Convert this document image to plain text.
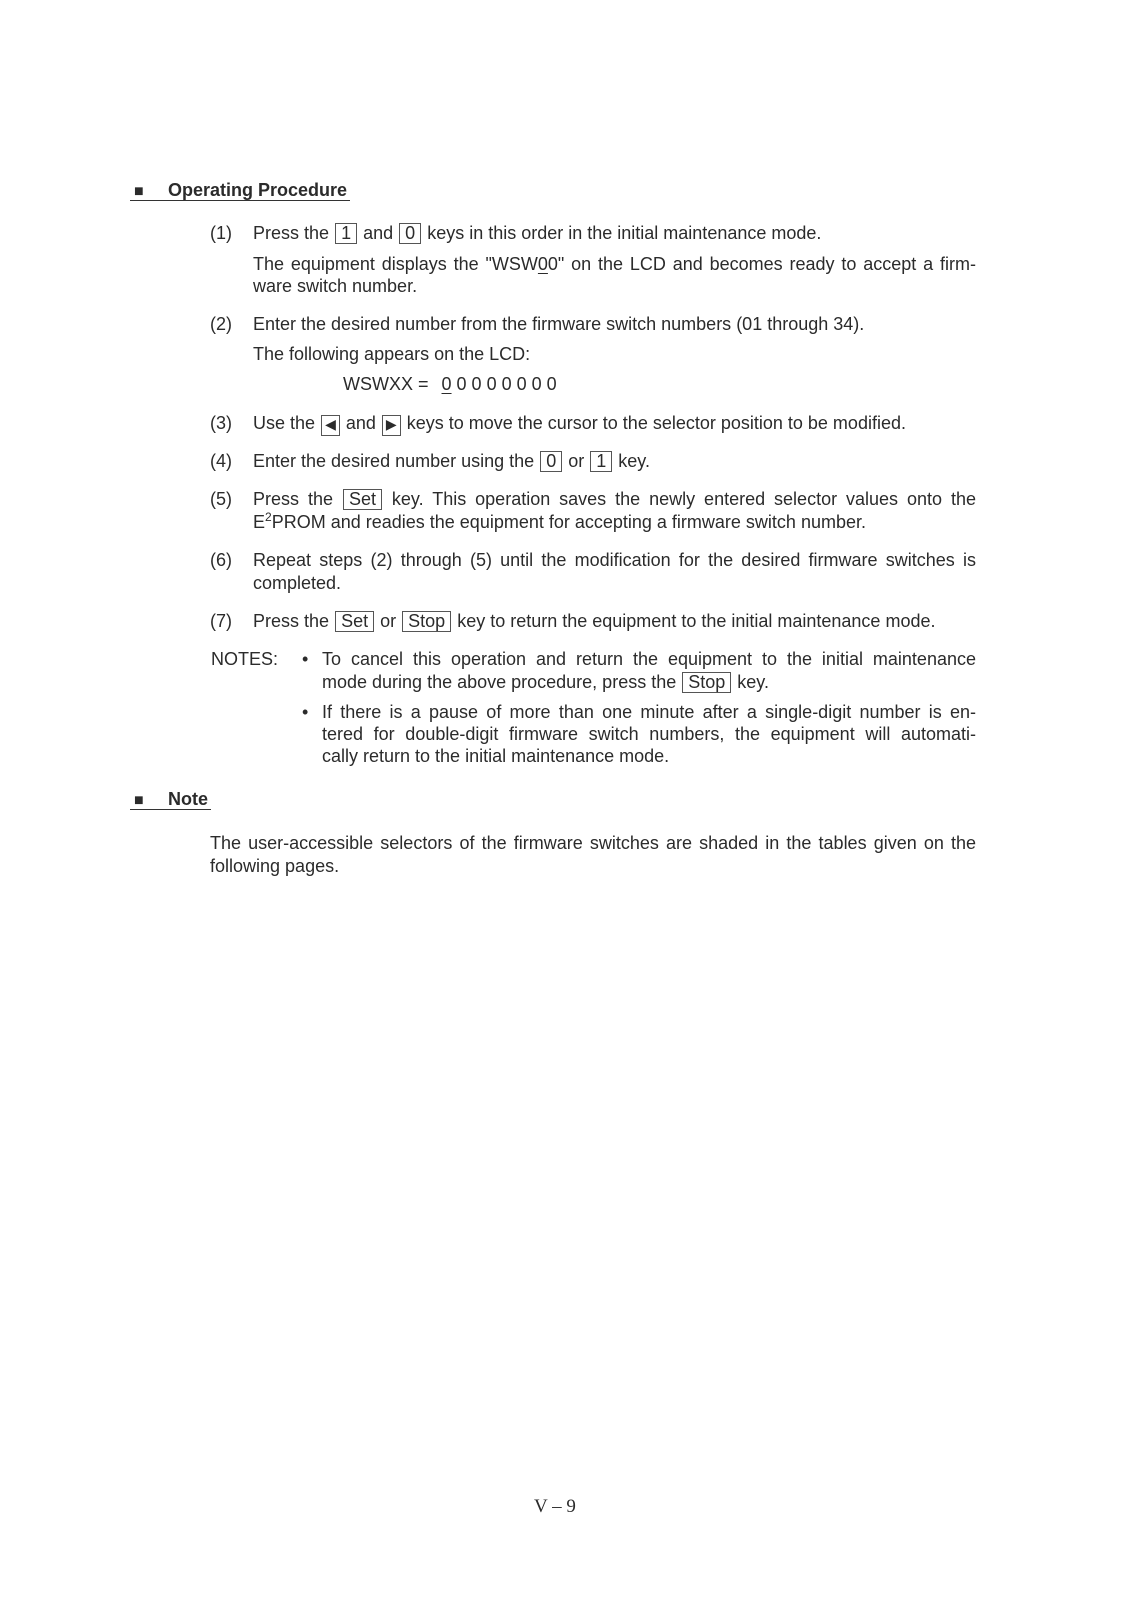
■ Operating Procedure
(1) Press the 1 and 0 keys in this order in the initial maintenance mode.
The equipment displays the "WSW00" on the LCD and becomes ready to accept a firm-
ware switch number.
(2) Enter the desired number from the firmware switch numbers (01 through 34).
The following appears on the LCD:
WSWXX = 0 0 0 0 0 0 0 0
(3) Use the ◀ and ▶ keys to move the cursor to the selector position to be modified.
(4) Enter the desired number using the 0 or 1 key.
(5) Press the Set key. This operation saves the newly entered selector values onto the
$E^2PROM$ and readies the equipment for accepting a firmware switch number.
(6) Repeat steps (2) through (5) until the modification for the desired firmware switches is
completed.
(7) Press the Set or Stop key to return the equipment to the initial maintenance mode.
NOTES: • To cancel this operation and return the equipment to the initial maintenance
mode during the above procedure, press the Stop key.
• If there is a pause of more than one minute after a single-digit number is en-
tered for double-digit firmware switch numbers, the equipment will automati-
cally return to the initial maintenance mode.
■ Note
The user-accessible selectors of the firmware switches are shaded in the tables given on the
following pages.
V – 9
